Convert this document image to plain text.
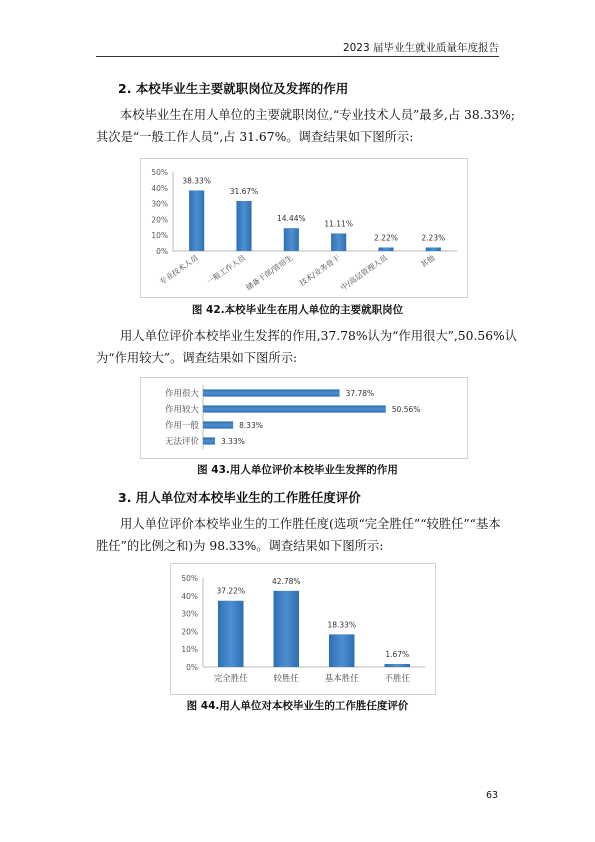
2023 届毕业生就业质量年度报告
2. 本校毕业生主要就职岗位及发挥的作用
本校毕业生在用人单位的主要就职岗位,“专业技术人员”最多,占 38.33%;
其次是“一般工作人员”,占 31.67%。调查结果如下图所示:
0%
10%
20%
30%
40%
50%
38.33%
专业技术人员
31.67%
一般工作人员
14.44%
储备干部/管培生
11.11%
技术/业务骨干
2.22%
中/高层管理人员
2.23%
其他
图 42.本校毕业生在用人单位的主要就职岗位
用人单位评价本校毕业生发挥的作用,37.78%认为“作用很大”,50.56%认
为“作用较大”。调查结果如下图所示:
作用很大	37.78%
作用较大	50.56%
作用一般	8.33%
无法评价	3.33%
图 43.用人单位评价本校毕业生发挥的作用
3. 用人单位对本校毕业生的工作胜任度评价
用人单位评价本校毕业生的工作胜任度(选项“完全胜任”“较胜任”“基本
胜任”的比例之和)为 98.33%。调查结果如下图所示:
0%
10%
20%
30%
40%
50%
37.22%
完全胜任
42.78%
较胜任
18.33%
基本胜任
1.67%
不胜任
图 44.用人单位对本校毕业生的工作胜任度评价
63
